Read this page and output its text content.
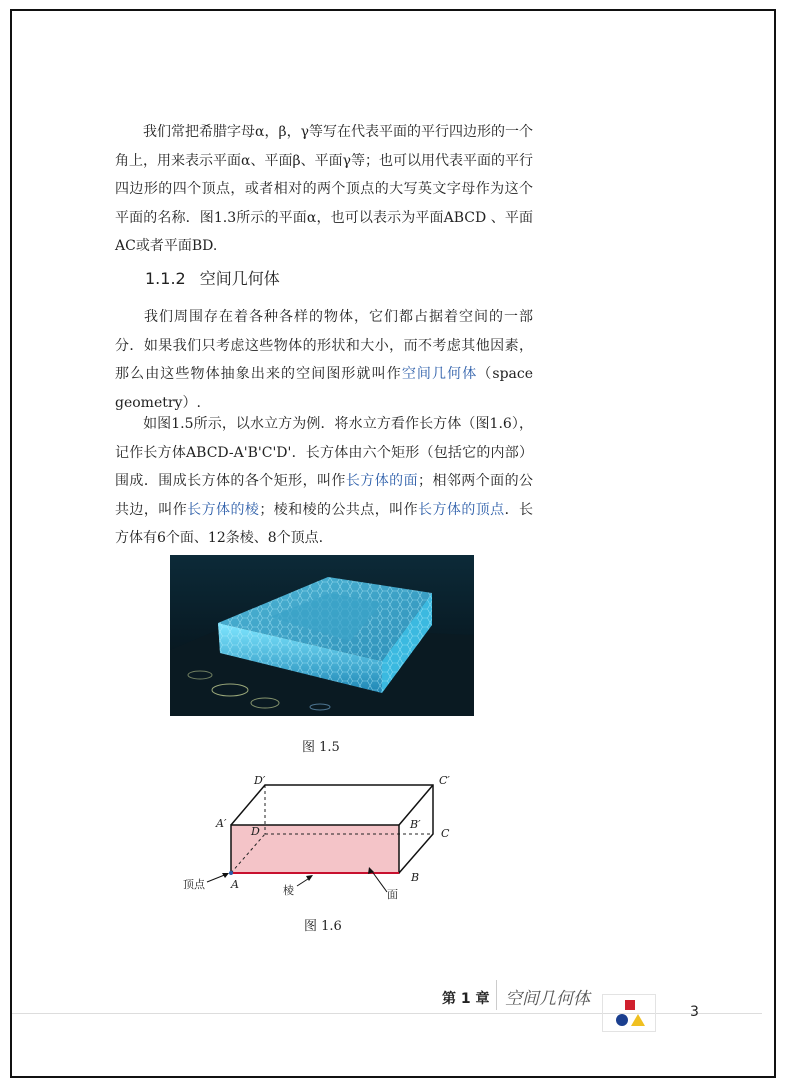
我们常把希腊字母α，β，γ等写在代表平面的平行四边形的一个角上，用来表示平面α、平面β、平面γ等；也可以用代表平面的平行四边形的四个顶点，或者相对的两个顶点的大写英文字母作为这个平面的名称．图1.3所示的平面α，也可以表示为平面ABCD 、平面AC或者平面BD.

1.1.2 空间几何体

我们周围存在着各种各样的物体，它们都占据着空间的一部分．如果我们只考虑这些物体的形状和大小，而不考虑其他因素，那么由这些物体抽象出来的空间图形就叫作空间几何体（space geometry）.

如图1.5所示，以水立方为例．将水立方看作长方体（图1.6），记作长方体ABCD-A'B'C'D'．长方体由六个矩形（包括它的内部）围成．围成长方体的各个矩形，叫作长方体的面；相邻两个面的公共边，叫作长方体的棱；棱和棱的公共点，叫作长方体的顶点．长方体有6个面、12条棱、8个顶点.

图 1.5
D′	C′
A′	B′
D	C
A
B
顶点	棱	面
图 1.6
第 1 章 空间几何体
3
